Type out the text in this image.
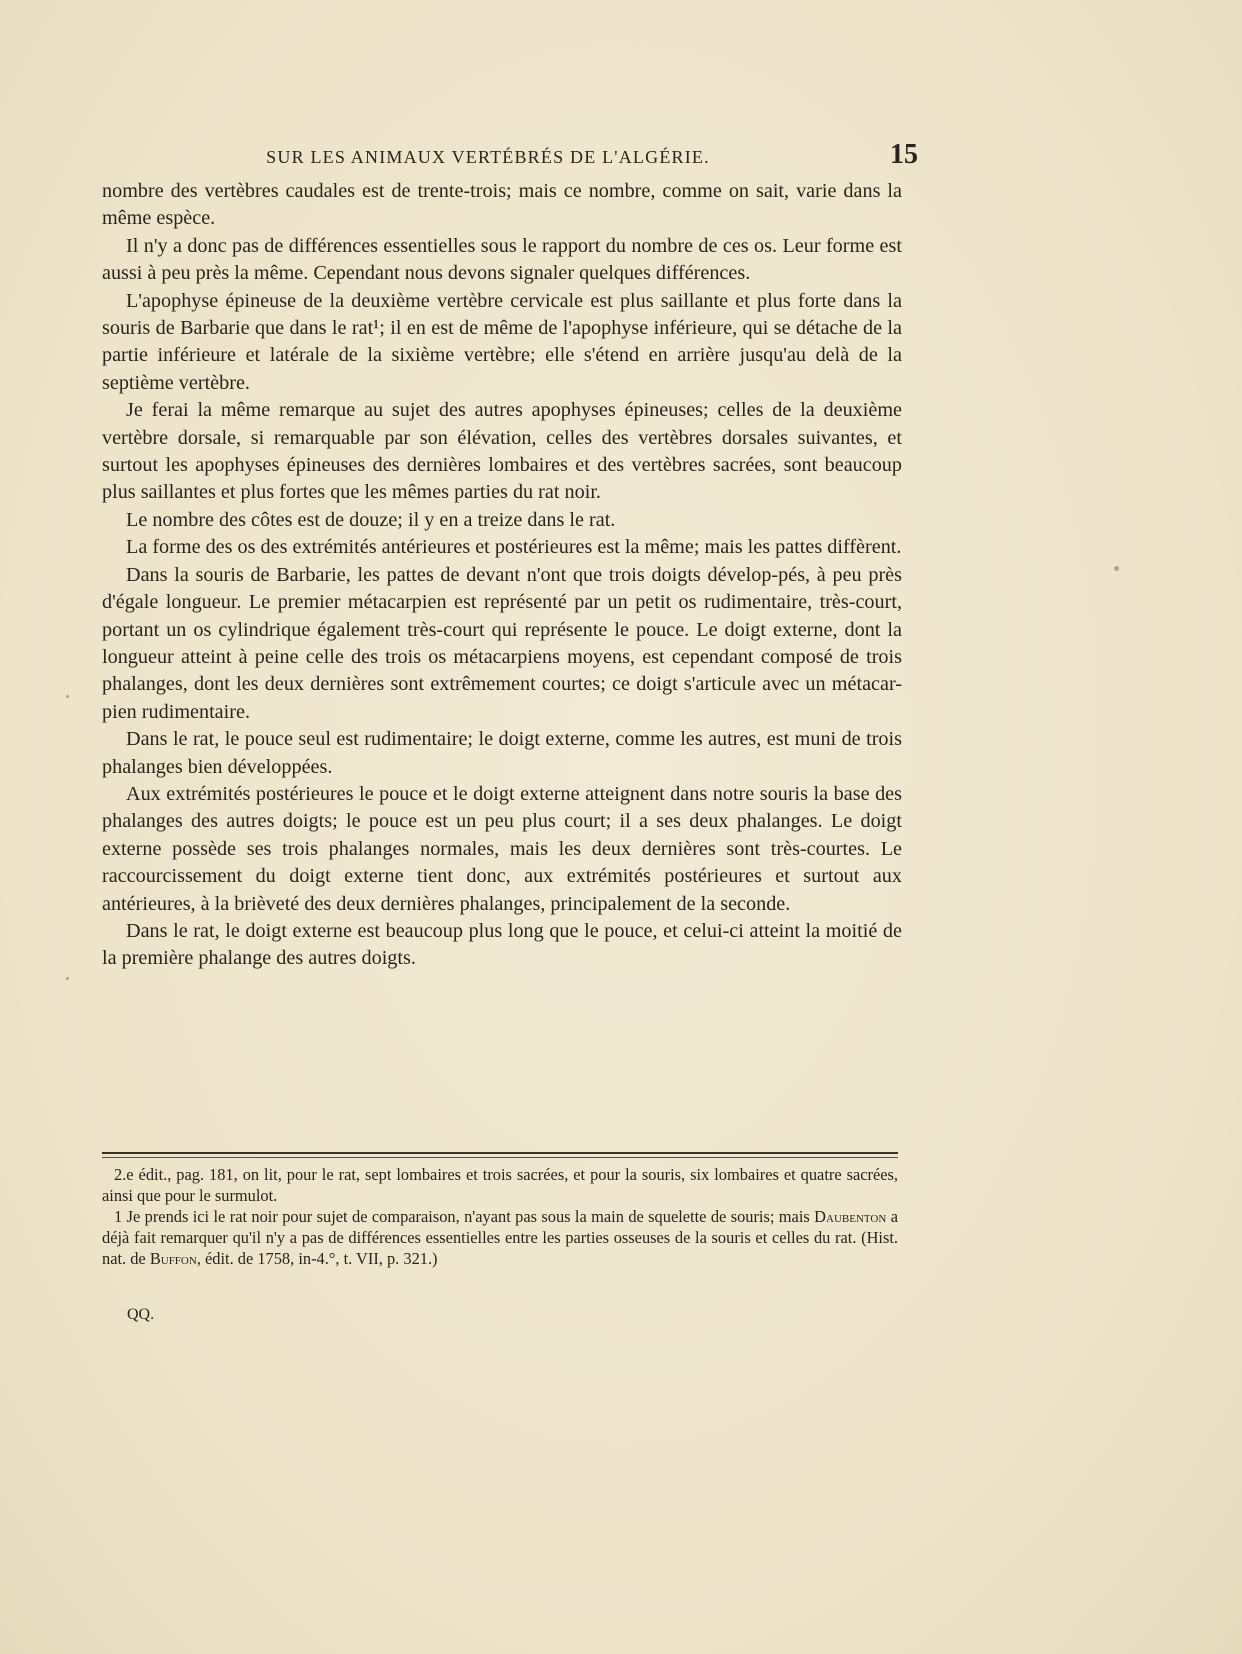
SUR LES ANIMAUX VERTÉBRÉS DE L'ALGÉRIE.	15

nombre des vertèbres caudales est de trente-trois; mais ce nombre, comme on sait, varie dans la même espèce.

Il n'y a donc pas de différences essentielles sous le rapport du nombre de ces os. Leur forme est aussi à peu près la même. Cependant nous devons signaler quelques différences.

L'apophyse épineuse de la deuxième vertèbre cervicale est plus saillante et plus forte dans la souris de Barbarie que dans le rat¹; il en est de même de l'apophyse inférieure, qui se détache de la partie inférieure et latérale de la sixième vertèbre; elle s'étend en arrière jusqu'au delà de la septième vertèbre.

Je ferai la même remarque au sujet des autres apophyses épineuses; celles de la deuxième vertèbre dorsale, si remarquable par son élévation, celles des vertèbres dorsales suivantes, et surtout les apophyses épineuses des dernières lombaires et des vertèbres sacrées, sont beaucoup plus saillantes et plus fortes que les mêmes parties du rat noir.

Le nombre des côtes est de douze; il y en a treize dans le rat.

La forme des os des extrémités antérieures et postérieures est la même; mais les pattes diffèrent.

Dans la souris de Barbarie, les pattes de devant n'ont que trois doigts dévelop-pés, à peu près d'égale longueur. Le premier métacarpien est représenté par un petit os rudimentaire, très-court, portant un os cylindrique également très-court qui représente le pouce. Le doigt externe, dont la longueur atteint à peine celle des trois os métacarpiens moyens, est cependant composé de trois phalanges, dont les deux dernières sont extrêmement courtes; ce doigt s'articule avec un métacar-pien rudimentaire.

Dans le rat, le pouce seul est rudimentaire; le doigt externe, comme les autres, est muni de trois phalanges bien développées.

Aux extrémités postérieures le pouce et le doigt externe atteignent dans notre souris la base des phalanges des autres doigts; le pouce est un peu plus court; il a ses deux phalanges. Le doigt externe possède ses trois phalanges normales, mais les deux dernières sont très-courtes. Le raccourcissement du doigt externe tient donc, aux extrémités postérieures et surtout aux antérieures, à la brièveté des deux dernières phalanges, principalement de la seconde.

Dans le rat, le doigt externe est beaucoup plus long que le pouce, et celui-ci atteint la moitié de la première phalange des autres doigts.

2.e édit., pag. 181, on lit, pour le rat, sept lombaires et trois sacrées, et pour la souris, six lombaires et quatre sacrées, ainsi que pour le surmulot.

1 Je prends ici le rat noir pour sujet de comparaison, n'ayant pas sous la main de squelette de souris; mais Daubenton a déjà fait remarquer qu'il n'y a pas de différences essentielles entre les parties osseuses de la souris et celles du rat. (Hist. nat. de Buffon, édit. de 1758, in-4.°, t. VII, p. 321.)

QQ.
